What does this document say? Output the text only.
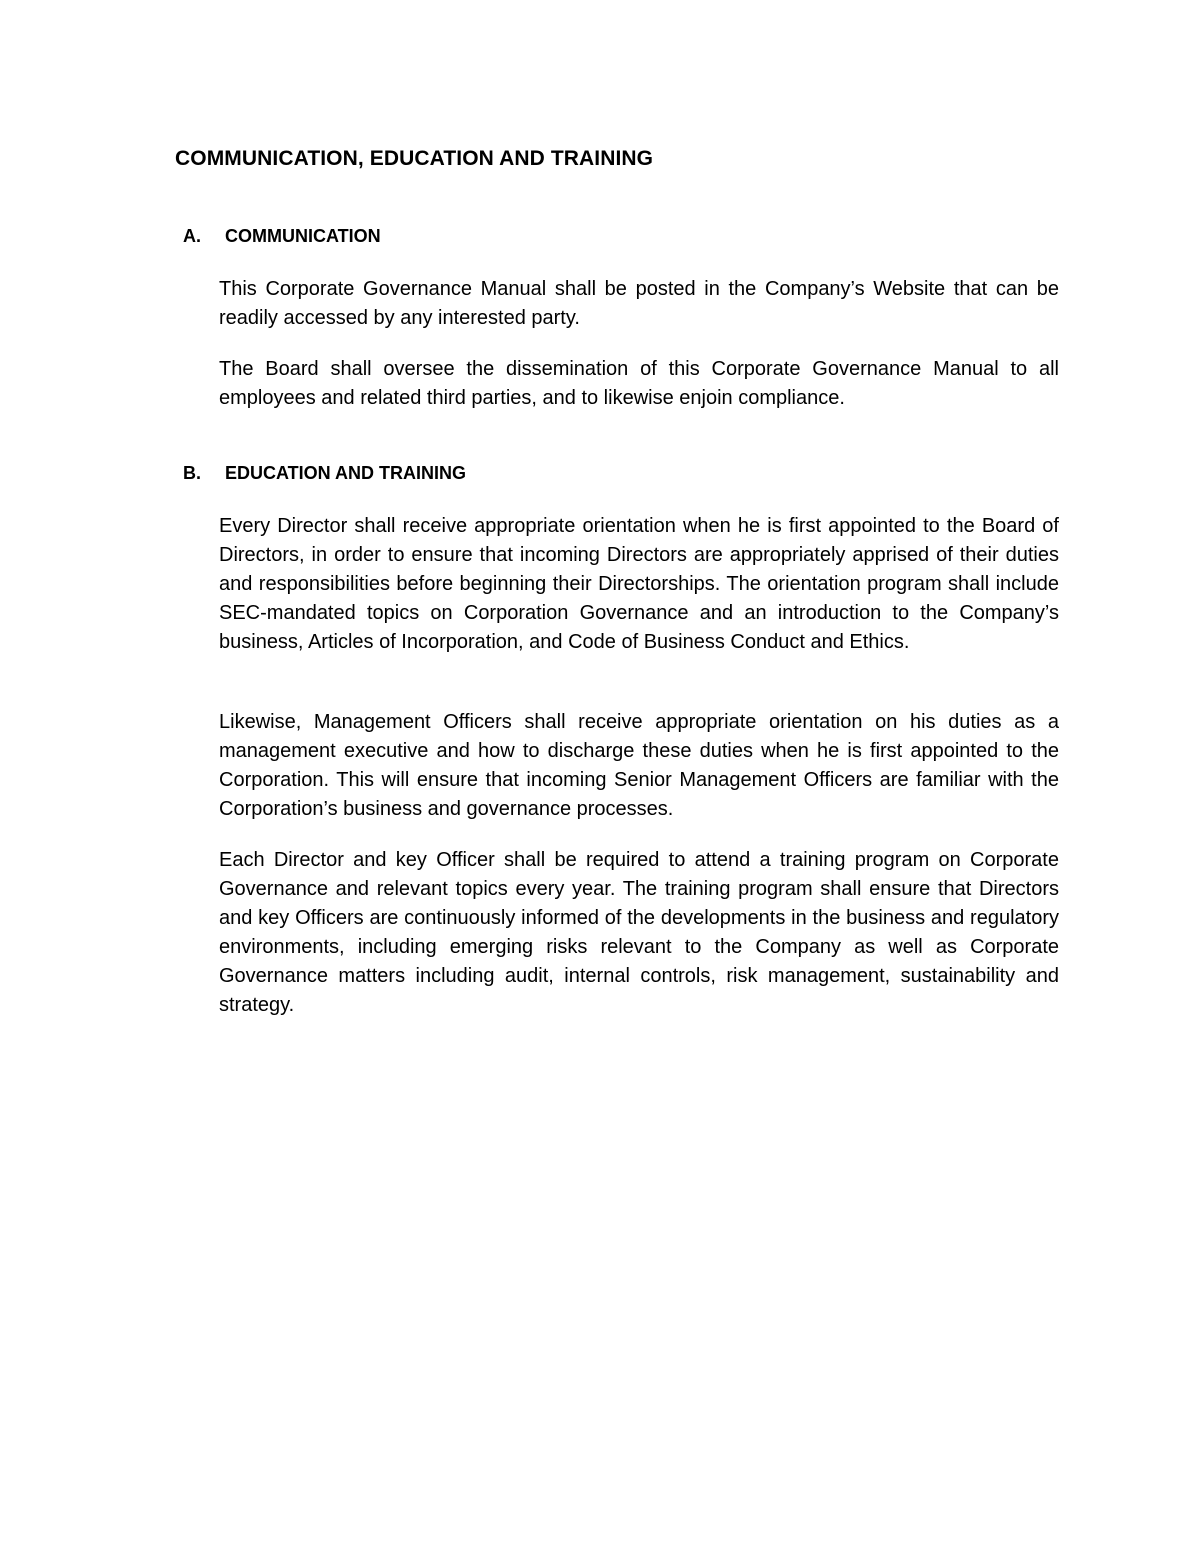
COMMUNICATION, EDUCATION AND TRAINING
A. COMMUNICATION

This Corporate Governance Manual shall be posted in the Company’s Website that can be readily accessed by any interested party.

The Board shall oversee the dissemination of this Corporate Governance Manual to all employees and related third parties, and to likewise enjoin compliance.

B. EDUCATION AND TRAINING

Every Director shall receive appropriate orientation when he is first appointed to the Board of Directors, in order to ensure that incoming Directors are appropriately apprised of their duties and responsibilities before beginning their Directorships. The orientation program shall include SEC-mandated topics on Corporation Governance and an introduction to the Company’s business, Articles of Incorporation, and Code of Business Conduct and Ethics.

Likewise, Management Officers shall receive appropriate orientation on his duties as a management executive and how to discharge these duties when he is first appointed to the Corporation. This will ensure that incoming Senior Management Officers are familiar with the Corporation’s business and governance processes.

Each Director and key Officer shall be required to attend a training program on Corporate Governance and relevant topics every year. The training program shall ensure that Directors and key Officers are continuously informed of the developments in the business and regulatory environments, including emerging risks relevant to the Company as well as Corporate Governance matters including audit, internal controls, risk management, sustainability and strategy.
